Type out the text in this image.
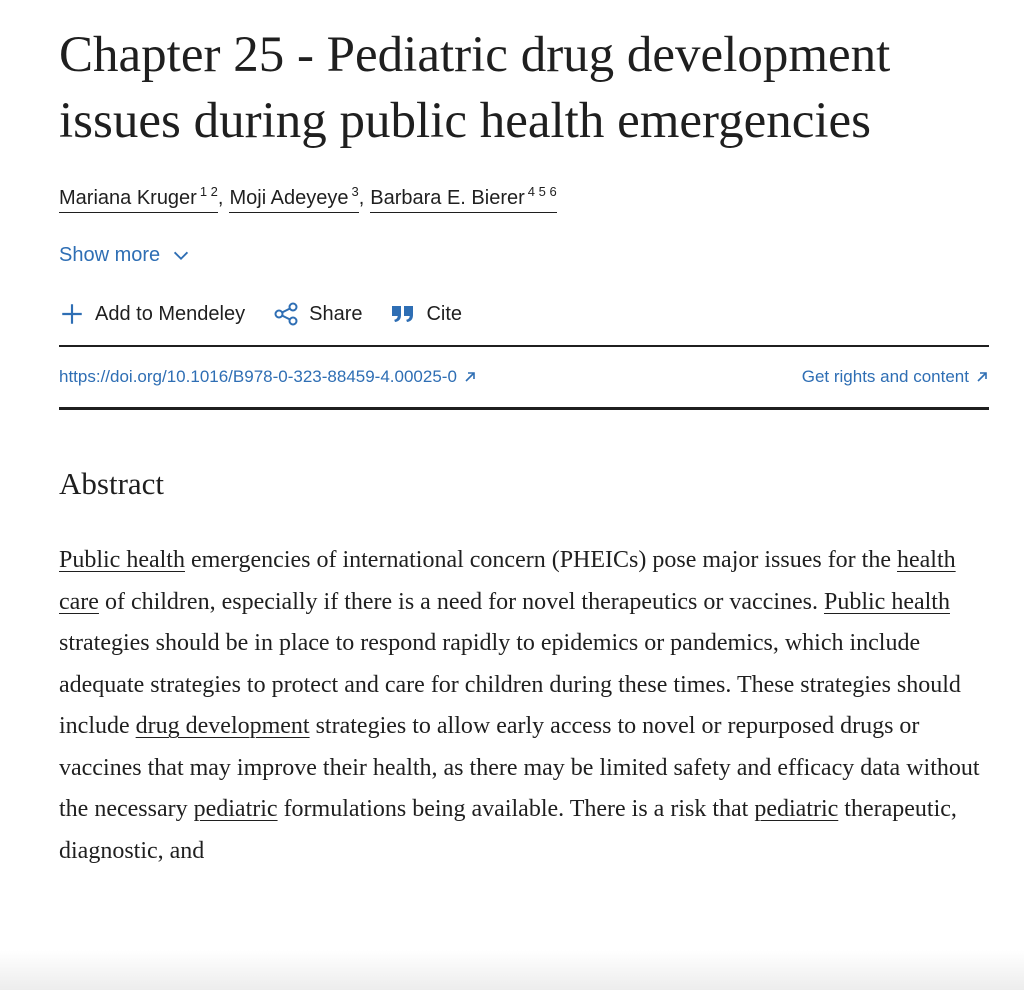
Chapter 25 - Pediatric drug development issues during public health emergencies
Mariana Kruger $^{1 2}$, Moji Adeyeye $^3$, Barbara E. Bierer $^{4 5 6}$
Show more
Add to Mendeley	Share	Cite
https://doi.org/10.1016/B978-0-323-88459-4.00025-0	Get rights and content
Abstract

Public health emergencies of international concern (PHEICs) pose major issues for the health care of children, especially if there is a need for novel therapeutics or vaccines. Public health strategies should be in place to respond rapidly to epidemics or pandemics, which include adequate strategies to protect and care for children during these times. These strategies should include drug development strategies to allow early access to novel or repurposed drugs or vaccines that may improve their health, as there may be limited safety and efficacy data without the necessary pediatric formulations being available. There is a risk that pediatric therapeutic, diagnostic, and
